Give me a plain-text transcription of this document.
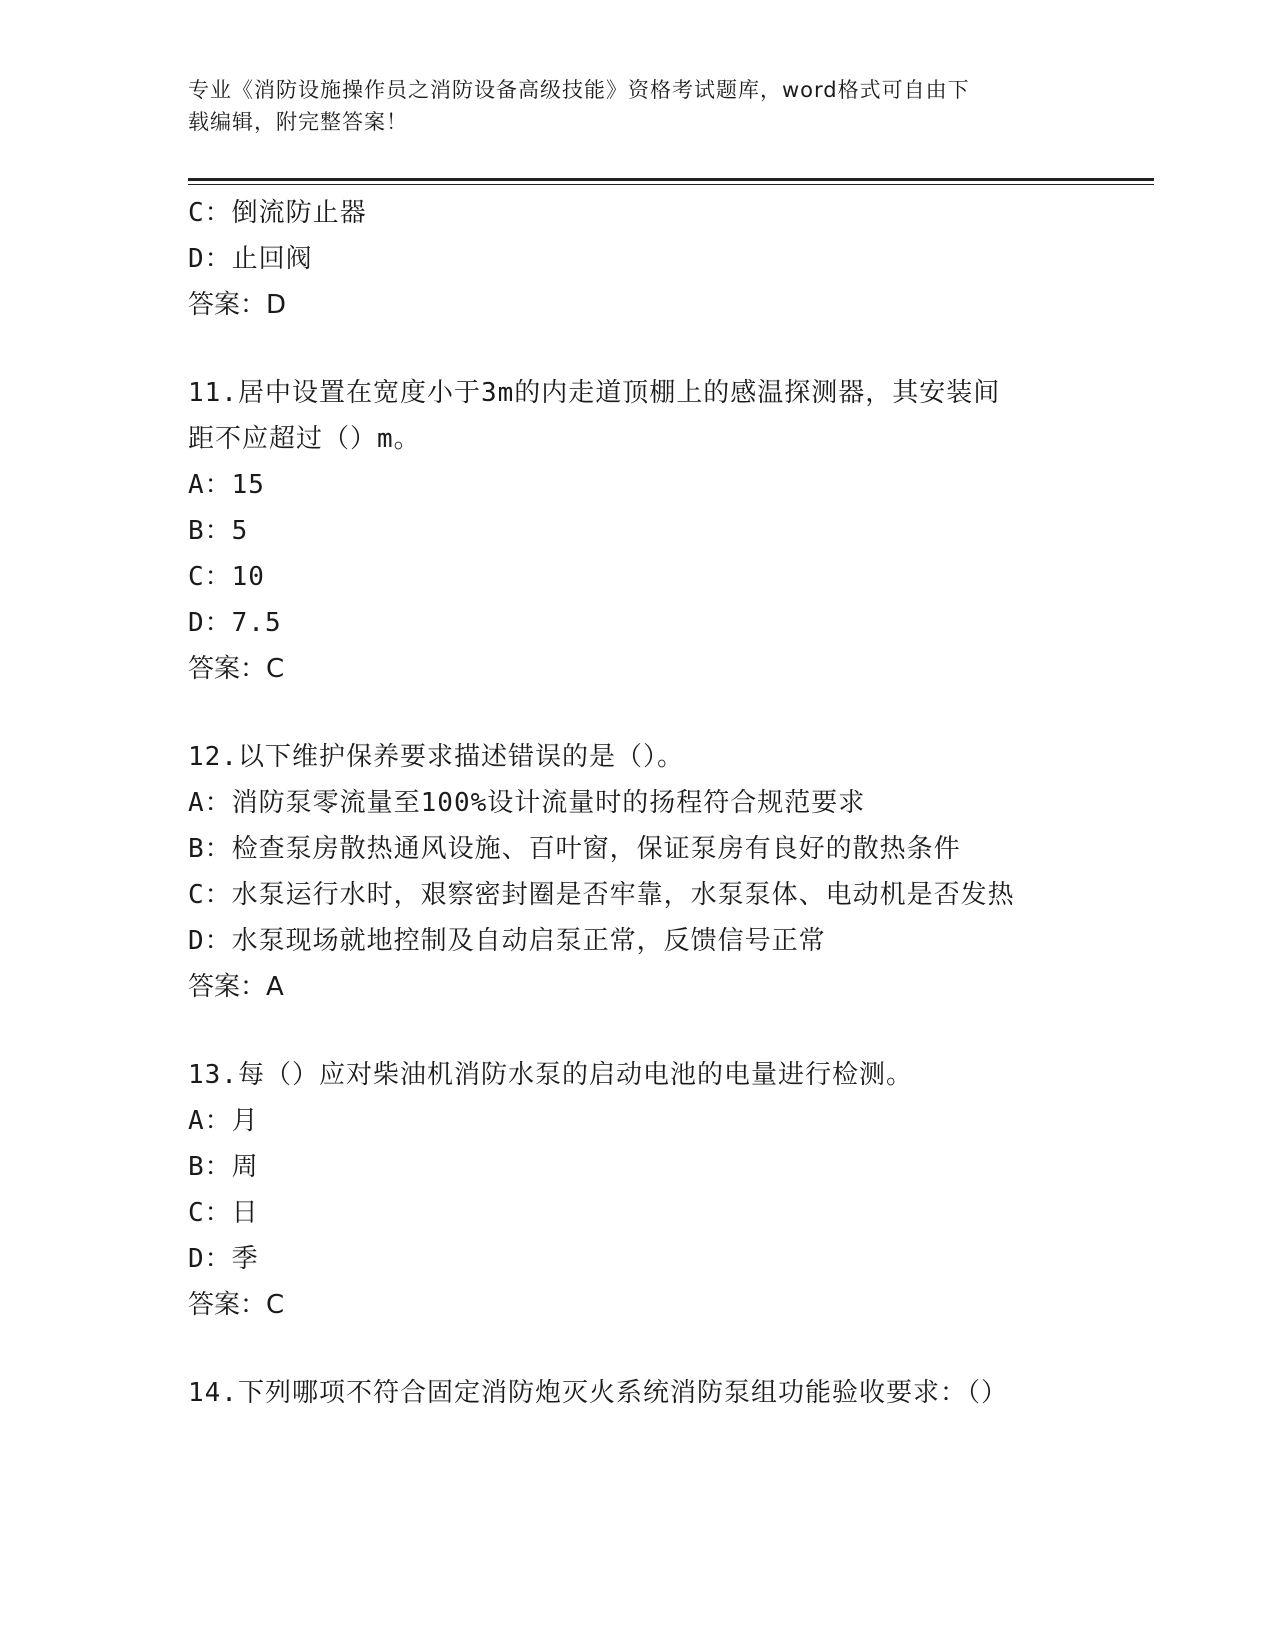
专业《消防设施操作员之消防设备高级技能》资格考试题库，word格式可自由下
载编辑，附完整答案！
C：倒流防止器
D：止回阀
答案：D
11.居中设置在宽度小于3m的内走道顶棚上的感温探测器，其安装间
距不应超过（）m。
A：15
B：5
C：10
D：7.5
答案：C
12.以下维护保养要求描述错误的是（）。
A：消防泵零流量至100%设计流量时的扬程符合规范要求
B：检查泵房散热通风设施、百叶窗，保证泵房有良好的散热条件
C：水泵运行水时，艰察密封圈是否牢靠，水泵泵体、电动机是否发热
D：水泵现场就地控制及自动启泵正常，反馈信号正常
答案：A
13.每（）应对柴油机消防水泵的启动电池的电量进行检测。
A：月
B：周
C：日
D：季
答案：C
14.下列哪项不符合固定消防炮灭火系统消防泵组功能验收要求：（）
